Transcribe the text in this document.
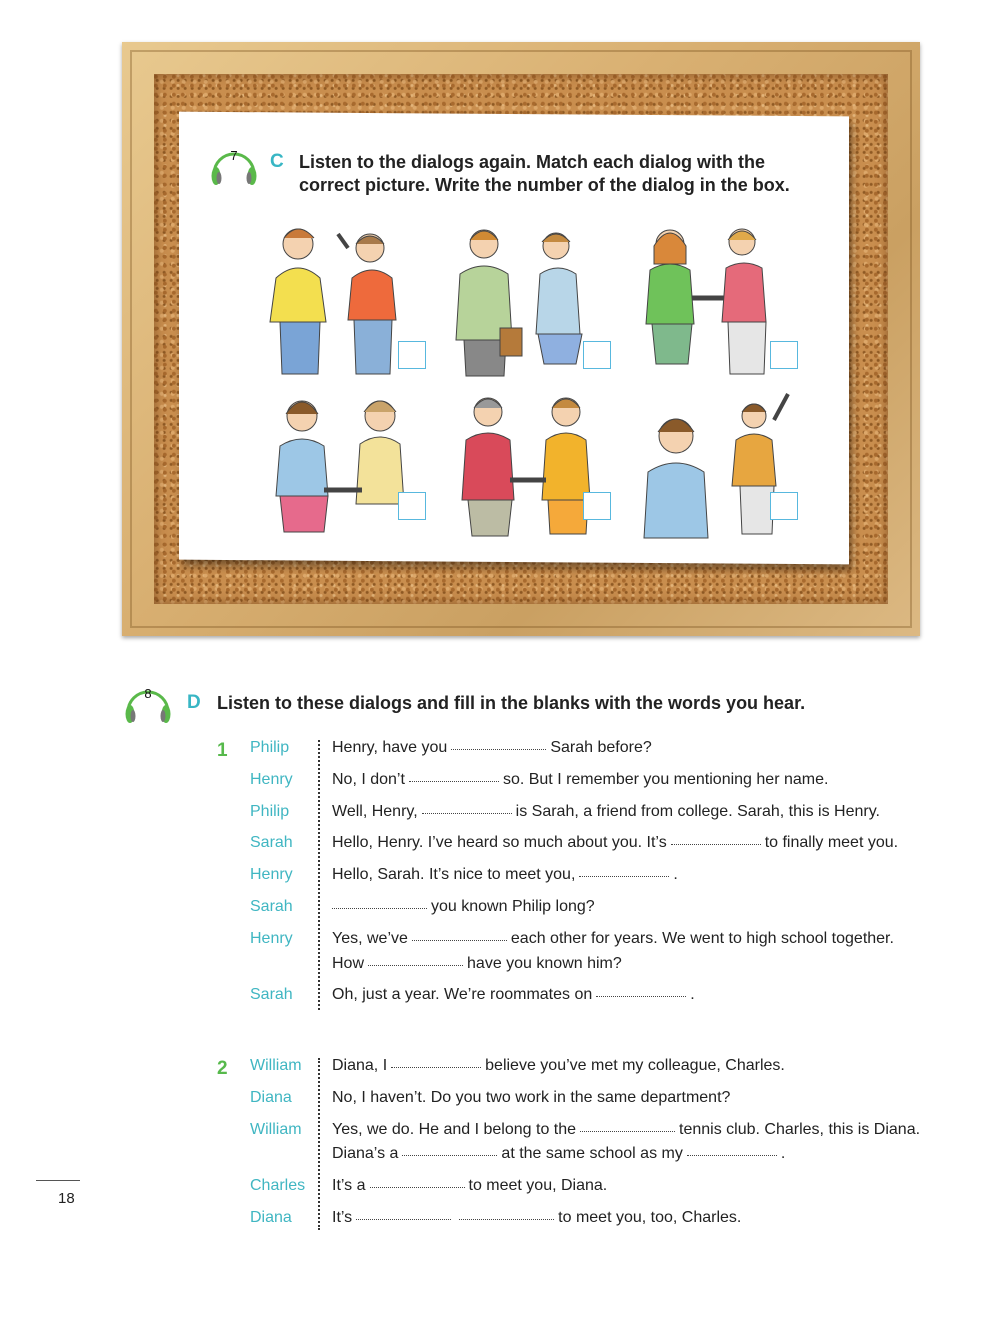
7	C Listen to the dialogs again. Match each dialog with the
correct picture. Write the number of the dialog in the box.
8	D Listen to these dialogs and fill in the blanks with the words you hear.
1 Philip	Henry, have you	Sarah before?
Henry No, I don’t	so. But I remember you mentioning her name.
Philip	Well, Henry,	is Sarah, a friend from college. Sarah, this is Henry.
Sarah Hello, Henry. I’ve heard so much about you. It’s	to finally meet you.
Henry Hello, Sarah. It’s nice to meet you,	.
Sarah	you known Philip long?
Henry Yes, we’ve	each other for years. We went to high school together.
How	have you known him?
Sarah Oh, just a year. We’re roommates on	.
2 William Diana, I	believe you’ve met my colleague, Charles.
Diana	No, I haven’t. Do you two work in the same department?
William Yes, we do. He and I belong to the	tennis club. Charles, this is Diana.
Diana’s a	at the same school as my	.
Charles It’s a	to meet you, Diana.
Diana	It’s	to meet you, too, Charles.
18
